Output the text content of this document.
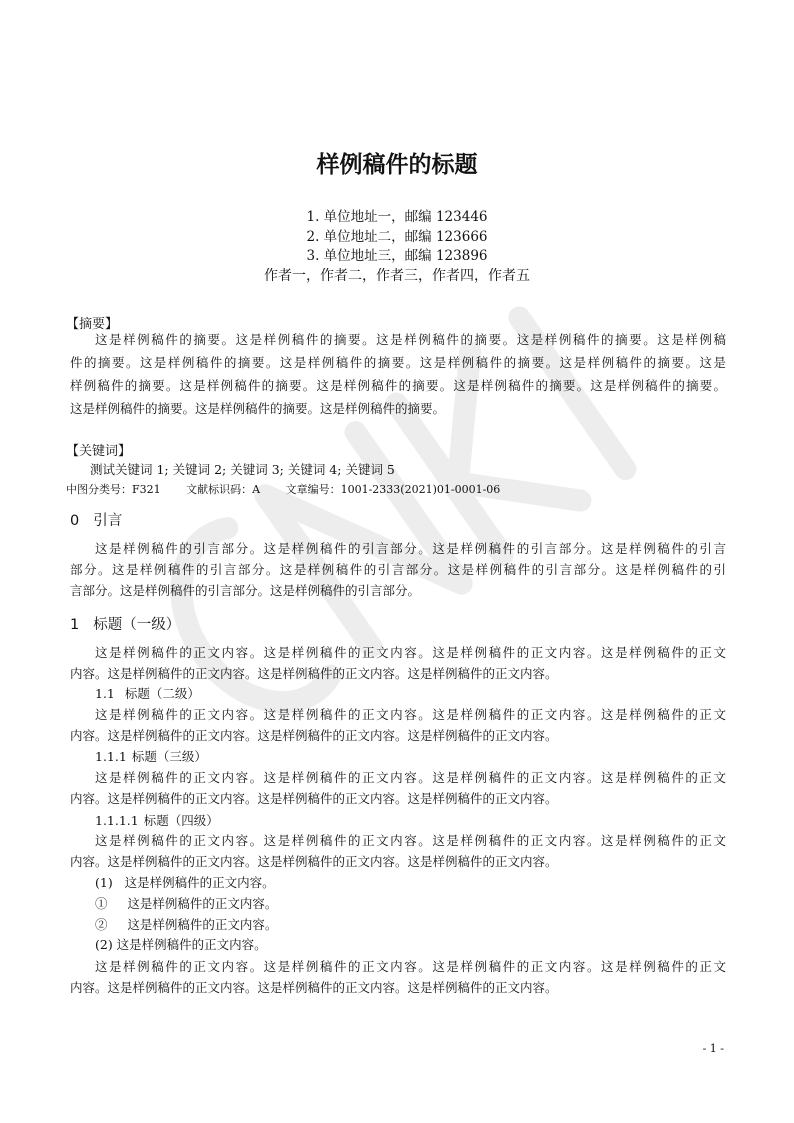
样例稿件的标题
1. 单位地址一，邮编 123446
2. 单位地址二，邮编 123666
3. 单位地址三，邮编 123896
作者一，作者二，作者三，作者四，作者五
【摘要】
这是样例稿件的摘要。这是样例稿件的摘要。这是样例稿件的摘要。这是样例稿件的摘要。这是样例稿
件的摘要。这是样例稿件的摘要。这是样例稿件的摘要。这是样例稿件的摘要。这是样例稿件的摘要。这是
样例稿件的摘要。这是样例稿件的摘要。这是样例稿件的摘要。这是样例稿件的摘要。这是样例稿件的摘要。
这是样例稿件的摘要。这是样例稿件的摘要。这是样例稿件的摘要。
【关键词】
测试关键词 1; 关键词 2; 关键词 3; 关键词 4; 关键词 5
中图分类号：F321 文献标识码：A 文章编号：1001-2333(2021)01-0001-06
0 引言
这是样例稿件的引言部分。这是样例稿件的引言部分。这是样例稿件的引言部分。这是样例稿件的引言
部分。这是样例稿件的引言部分。这是样例稿件的引言部分。这是样例稿件的引言部分。这是样例稿件的引
言部分。这是样例稿件的引言部分。这是样例稿件的引言部分。
1 标题（一级）
这是样例稿件的正文内容。这是样例稿件的正文内容。这是样例稿件的正文内容。这是样例稿件的正文
内容。这是样例稿件的正文内容。这是样例稿件的正文内容。这是样例稿件的正文内容。
1.1 标题（二级）
这是样例稿件的正文内容。这是样例稿件的正文内容。这是样例稿件的正文内容。这是样例稿件的正文
内容。这是样例稿件的正文内容。这是样例稿件的正文内容。这是样例稿件的正文内容。
1.1.1 标题（三级）
这是样例稿件的正文内容。这是样例稿件的正文内容。这是样例稿件的正文内容。这是样例稿件的正文
内容。这是样例稿件的正文内容。这是样例稿件的正文内容。这是样例稿件的正文内容。
1.1.1.1 标题（四级）
这是样例稿件的正文内容。这是样例稿件的正文内容。这是样例稿件的正文内容。这是样例稿件的正文
内容。这是样例稿件的正文内容。这是样例稿件的正文内容。这是样例稿件的正文内容。
(1)   这是样例稿件的正文内容。
①     这是样例稿件的正文内容。
②     这是样例稿件的正文内容。
(2) 这是样例稿件的正文内容。
这是样例稿件的正文内容。这是样例稿件的正文内容。这是样例稿件的正文内容。这是样例稿件的正文
内容。这是样例稿件的正文内容。这是样例稿件的正文内容。这是样例稿件的正文内容。
- 1 -
